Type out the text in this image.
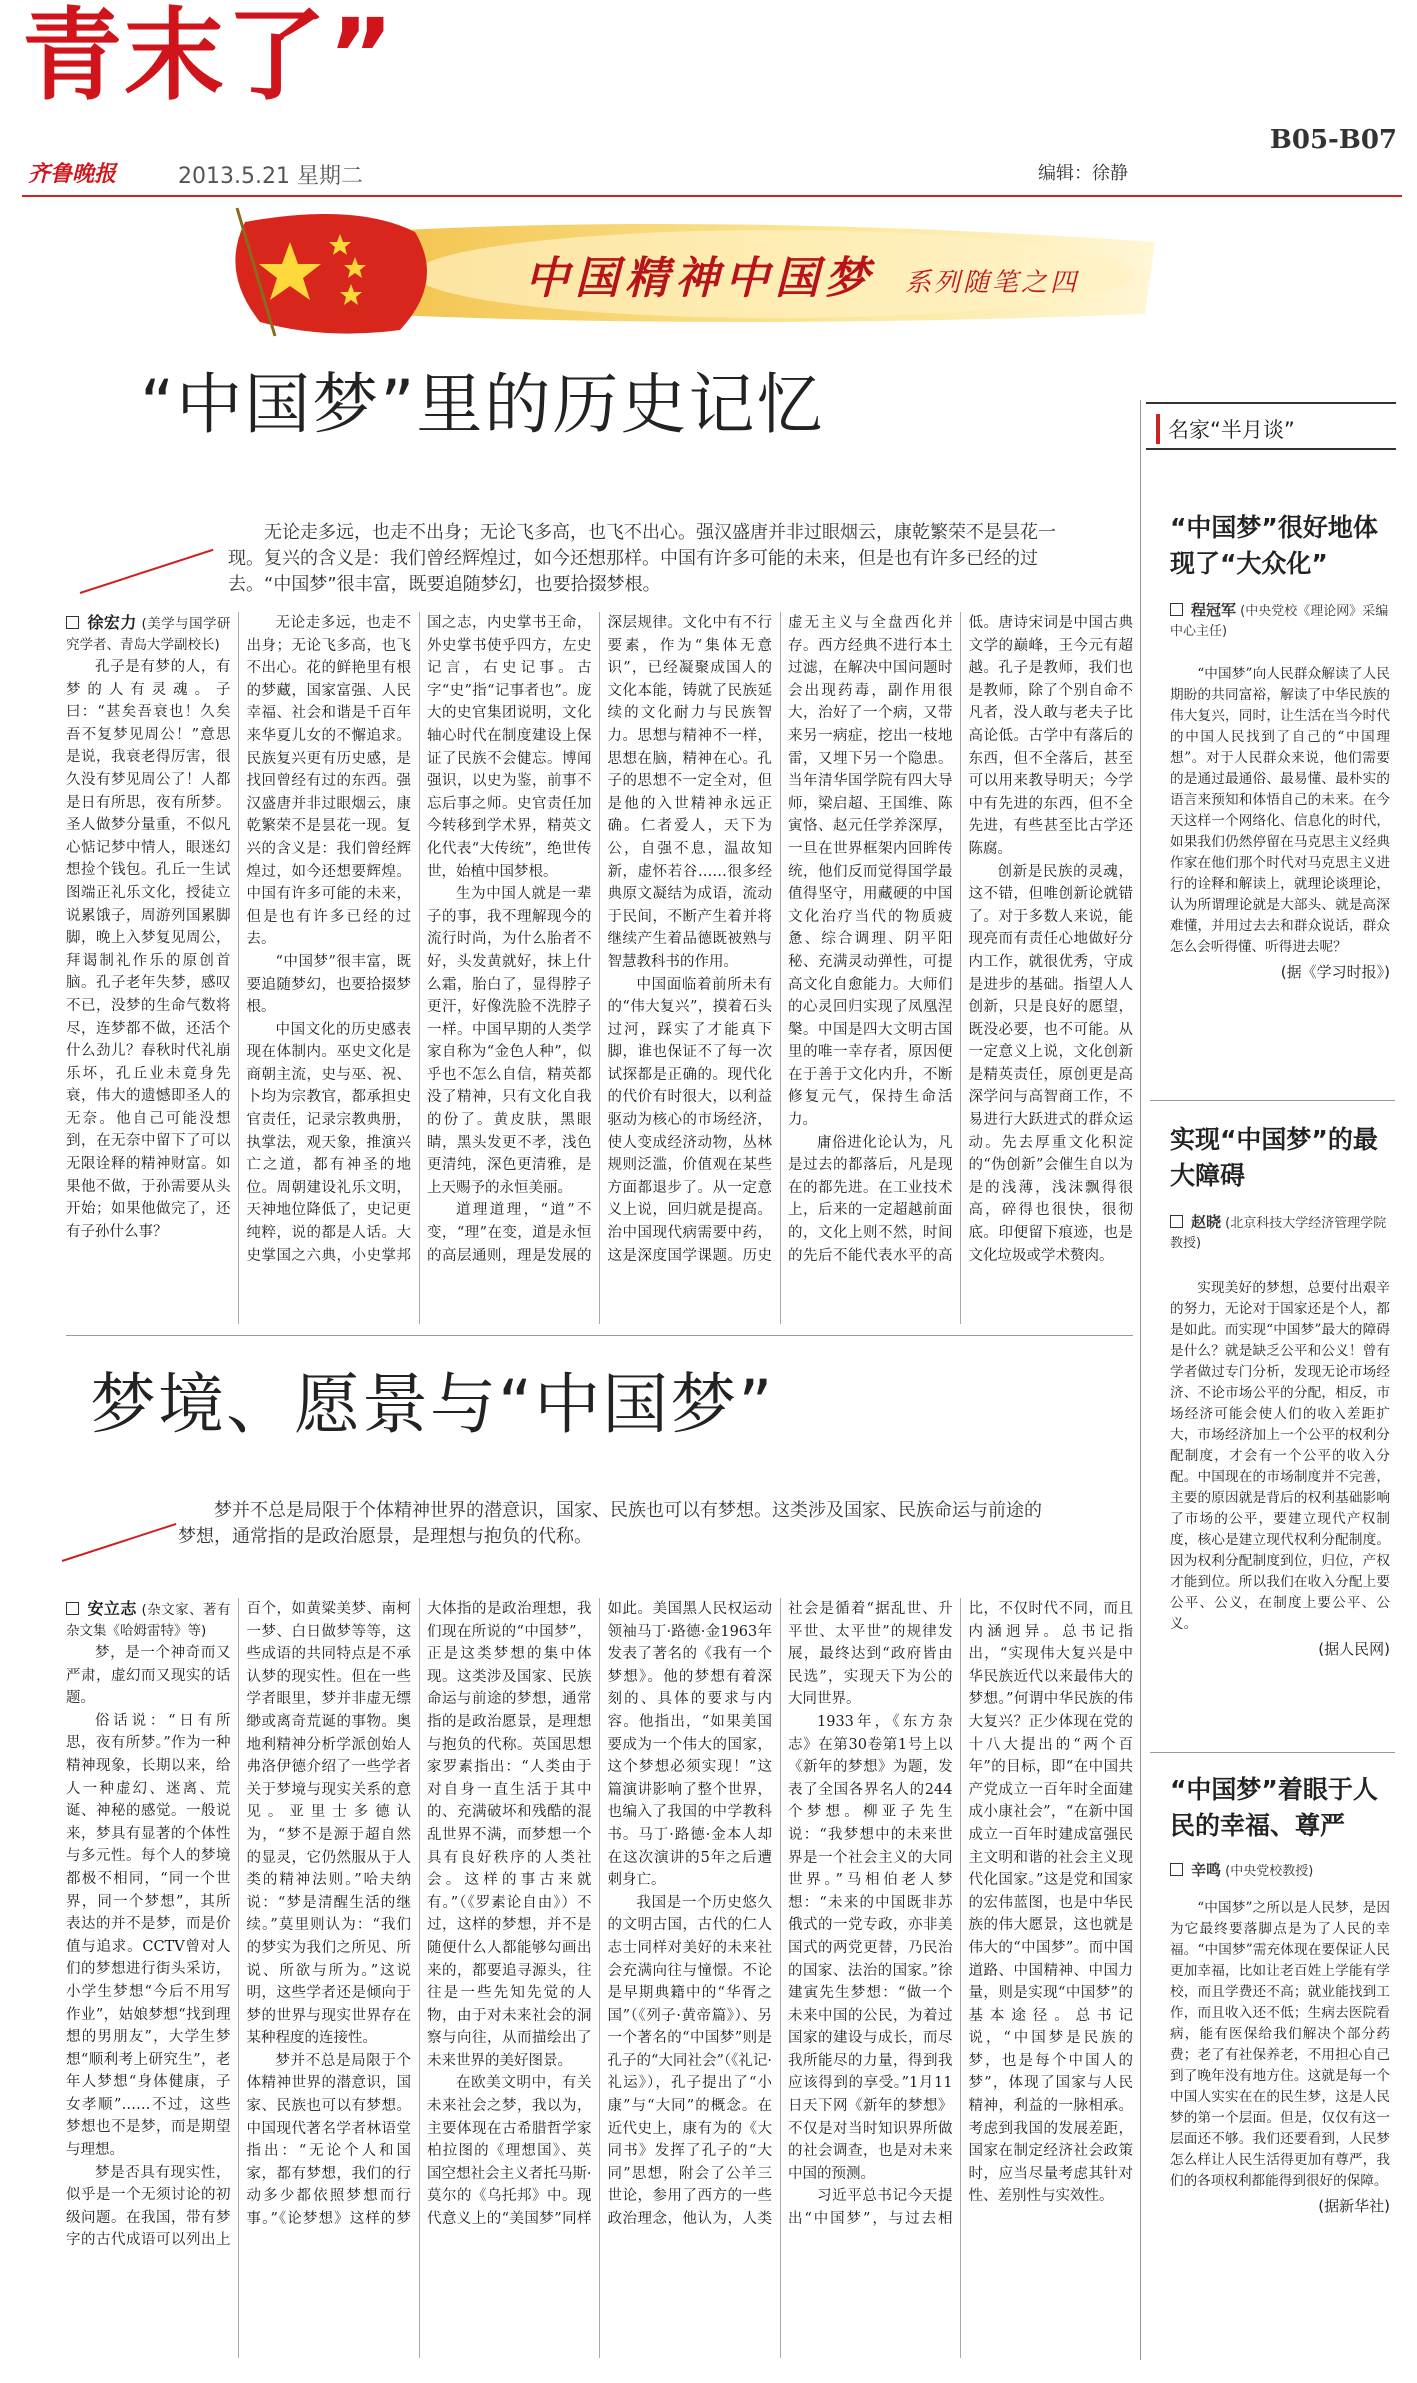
青末了”
B05-B07
齐鲁晚报	2013.5.21 星期二	编辑：徐静
中国精神中国梦 系列随笔之四
“中国梦”里的历史记忆
无论走多远，也走不出身；无论飞多高，也飞不出心。强汉盛唐并非过眼烟云，康乾繁荣不是昙花一现。复兴的含义是：我们曾经辉煌过，如今还想那样。中国有许多可能的未来，但是也有许多已经的过去。“中国梦”很丰富，既要追随梦幻，也要拾掇梦根。
徐宏力 (美学与国学研究学者、青岛大学副校长)

孔子是有梦的人，有梦的人有灵魂。子曰：“甚矣吾衰也！久矣吾不复梦见周公！”意思是说，我衰老得厉害，很久没有梦见周公了！人都是日有所思，夜有所梦。圣人做梦分量重，不似凡心惦记梦中情人，眼迷幻想捡个钱包。孔丘一生试图端正礼乐文化，授徒立说累饿子，周游列国累脚脚，晚上入梦复见周公，拜谒制礼作乐的原创首脑。孔子老年失梦，感叹不已，没梦的生命气数将尽，连梦都不做，还活个什么劲儿？春秋时代礼崩乐坏，孔丘业未竟身先衰，伟大的遗憾即圣人的无奈。他自己可能没想到，在无奈中留下了可以无限诠释的精神财富。如果他不做，于孙需要从头开始；如果他做完了，还有子孙什么事？

无论走多远，也走不出身；无论飞多高，也飞不出心。花的鲜艳里有根的梦藏，国家富强、人民幸福、社会和谐是千百年来华夏儿女的不懈追求。民族复兴更有历史感，是找回曾经有过的东西。强汉盛唐并非过眼烟云，康乾繁荣不是昙花一现。复兴的含义是：我们曾经辉煌过，如今还想要辉煌。中国有许多可能的未来，但是也有许多已经的过去。

“中国梦”很丰富，既要追随梦幻，也要拾掇梦根。

中国文化的历史感表现在体制内。巫史文化是商朝主流，史与巫、祝、卜均为宗教官，都承担史官责任，记录宗教典册，执掌法，观天象，推演兴亡之道，都有神圣的地位。周朝建设礼乐文明，天神地位降低了，史记更纯粹，说的都是人话。大史掌国之六典，小史掌邦国之志，内史掌书王命，外史掌书使乎四方，左史记言，右史记事。古字“史”指“记事者也”。庞大的史官集团说明，文化轴心时代在制度建设上保证了民族不会健忘。博闻强识，以史为鉴，前事不忘后事之师。史官责任加今转移到学术界，精英文化代表“大传统”，绝世传世，始植中国梦根。

生为中国人就是一辈子的事，我不理解现今的流行时尚，为什么胎者不好，头发黄就好，抹上什么霜，胎白了，显得脖子更汗，好像洗脸不洗脖子一样。中国早期的人类学家自称为“金色人种”，似乎也不怎么自信，精英都没了精神，只有文化自我的份了。黄皮肤，黑眼睛，黑头发更不孝，浅色更清纯，深色更清雅，是上天赐予的永恒美丽。

道理道理，“道”不变，“理”在变，道是永恒的高层通则，理是发展的深层规律。文化中有不行要素，作为“集体无意识”，已经凝聚成国人的文化本能，铸就了民族延续的文化耐力与民族智力。思想与精神不一样，思想在脑，精神在心。孔子的思想不一定全对，但是他的入世精神永远正确。仁者爱人，天下为公，自强不息，温故知新，虚怀若谷……很多经典原文凝结为成语，流动于民间，不断产生着并将继续产生着品德既被熟与智慧教科书的作用。

中国面临着前所未有的“伟大复兴”，摸着石头过河，踩实了才能真下脚，谁也保证不了每一次试探都是正确的。现代化的代价有时很大，以利益驱动为核心的市场经济，使人变成经济动物，丛林规则泛滥，价值观在某些方面都退步了。从一定意义上说，回归就是提高。治中国现代病需要中药，这是深度国学课题。历史虚无主义与全盘西化并存。西方经典不进行本土过滤，在解决中国问题时会出现药毒，副作用很大，治好了一个病，又带来另一病症，挖出一枝地雷，又埋下另一个隐患。当年清华国学院有四大导师，梁启超、王国维、陈寅恪、赵元任学养深厚，一旦在世界框架内回眸传统，他们反而觉得国学最值得坚守，用藏硬的中国文化治疗当代的物质疲惫、综合调理、阴平阳秘、充满灵动弹性，可提高文化自愈能力。大师们的心灵回归实现了凤凰涅槃。中国是四大文明古国里的唯一幸存者，原因便在于善于文化内升，不断修复元气，保持生命活力。

庸俗进化论认为，凡是过去的都落后，凡是现在的都先进。在工业技术上，后来的一定超越前面的，文化上则不然，时间的先后不能代表水平的高低。唐诗宋词是中国古典文学的巅峰，王今元有超越。孔子是教师，我们也是教师，除了个别自命不凡者，没人敢与老夫子比高论低。古学中有落后的东西，但不全落后，甚至可以用来教导明天；今学中有先进的东西，但不全先进，有些甚至比古学还陈腐。

创新是民族的灵魂，这不错，但唯创新论就错了。对于多数人来说，能现亮而有责任心地做好分内工作，就很优秀，守成是进步的基础。指望人人创新，只是良好的愿望，既没必要，也不可能。从一定意义上说，文化创新是精英责任，原创更是高深学问与高智商工作，不易进行大跃进式的群众运动。先去厚重文化积淀的“伪创新”会催生自以为是的浅薄，浅沫飘得很高，碎得也很快，很彻底。印便留下痕迹，也是文化垃圾或学术赘肉。

梦境、愿景与“中国梦”
梦并不总是局限于个体精神世界的潜意识，国家、民族也可以有梦想。这类涉及国家、民族命运与前途的梦想，通常指的是政治愿景，是理想与抱负的代称。
安立志 (杂文家、著有杂文集《哈姆雷特》等)

梦，是一个神奇而又严肃，虚幻而又现实的话题。

俗话说：“日有所思，夜有所梦。”作为一种精神现象，长期以来，给人一种虚幻、迷离、荒诞、神秘的感觉。一般说来，梦具有显著的个体性与多元性。每个人的梦境都极不相同，“同一个世界，同一个梦想”，其所表达的并不是梦，而是价值与追求。CCTV曾对人们的梦想进行街头采访，小学生梦想“今后不用写作业”，姑娘梦想“找到理想的男朋友”，大学生梦想“顺利考上研究生”，老年人梦想“身体健康，子女孝顺”……不过，这些梦想也不是梦，而是期望与理想。

梦是否具有现实性，似乎是一个无须讨论的初级问题。在我国，带有梦字的古代成语可以列出上百个，如黄粱美梦、南柯一梦、白日做梦等等，这些成语的共同特点是不承认梦的现实性。但在一些学者眼里，梦并非虚无缥缈或离奇荒诞的事物。奥地利精神分析学派创始人弗洛伊德介绍了一些学者关于梦境与现实关系的意见。亚里士多德认为，“梦不是源于超自然的显灵，它仍然服从于人类的精神法则。”哈夫纳说：“梦是清醒生活的继续。”莫里则认为：“我们的梦实为我们之所见、所说、所欲与所为。”这说明，这些学者还是倾向于梦的世界与现实世界存在某种程度的连接性。

梦并不总是局限于个体精神世界的潜意识，国家、民族也可以有梦想。中国现代著名学者林语堂指出：“无论个人和国家，都有梦想，我们的行动多少都依照梦想而行事。”《论梦想》这样的梦大体指的是政治理想，我们现在所说的“中国梦”，正是这类梦想的集中体现。这类涉及国家、民族命运与前途的梦想，通常指的是政治愿景，是理想与抱负的代称。英国思想家罗素指出：“人类由于对自身一直生活于其中的、充满破坏和残酷的混乱世界不满，而梦想一个具有良好秩序的人类社会。这样的事古来就有。”（《罗素论自由》）不过，这样的梦想，并不是随便什么人都能够勾画出来的，都要追寻源头，往往是一些先知先觉的人物，由于对未来社会的洞察与向往，从而描绘出了未来世界的美好图景。

在欧美文明中，有关未来社会之梦，我以为，主要体现在古希腊哲学家柏拉图的《理想国》、英国空想社会主义者托马斯·莫尔的《乌托邦》中。现代意义上的“美国梦”同样如此。美国黑人民权运动领袖马丁·路德·金1963年发表了著名的《我有一个梦想》。他的梦想有着深刻的、具体的要求与内容。他指出，“如果美国要成为一个伟大的国家，这个梦想必须实现！”这篇演讲影响了整个世界，也编入了我国的中学教科书。马丁·路德·金本人却在这次演讲的5年之后遭刺身亡。

我国是一个历史悠久的文明古国，古代的仁人志士同样对美好的未来社会充满向往与憧憬。不论是早期典籍中的“华胥之国”（《列子·黄帝篇》）、另一个著名的“中国梦”则是孔子的“大同社会”（《礼记·礼运》），孔子提出了“小康”与“大同”的概念。在近代史上，康有为的《大同书》发挥了孔子的“大同”思想，附会了公羊三世论，参用了西方的一些政治理念，他认为，人类社会是循着“据乱世、升平世、太平世”的规律发展，最终达到“政府皆由民选”，实现天下为公的大同世界。

1933年，《东方杂志》在第30卷第1号上以《新年的梦想》为题，发表了全国各界名人的244个梦想。柳亚子先生说：“我梦想中的未来世界是一个社会主义的大同世界。”马相伯老人梦想：“未来的中国既非苏俄式的一党专政，亦非美国式的两党更替，乃民治的国家、法治的国家。”徐建寅先生梦想：“做一个未来中国的公民，为着过国家的建设与成长，而尽我所能尽的力量，得到我应该得到的享受。”1月11日天下网《新年的梦想》不仅是对当时知识界所做的社会调查，也是对未来中国的预测。

习近平总书记今天提出“中国梦”，与过去相比，不仅时代不同，而且内涵迥异。总书记指出，“实现伟大复兴是中华民族近代以来最伟大的梦想。”何谓中华民族的伟大复兴？正少体现在党的十八大提出的“两个百年”的目标，即“在中国共产党成立一百年时全面建成小康社会”，“在新中国成立一百年时建成富强民主文明和谐的社会主义现代化国家。”这是党和国家的宏伟蓝图，也是中华民族的伟大愿景，这也就是伟大的“中国梦”。而中国道路、中国精神、中国力量，则是实现“中国梦”的基本途径。总书记说，“中国梦是民族的梦，也是每个中国人的梦”，体现了国家与人民精神，利益的一脉相承。考虑到我国的发展差距，国家在制定经济社会政策时，应当尽量考虑其针对性、差别性与实效性。

名家“半月谈”
“中国梦”很好地体现了“大众化”
程冠军 (中央党校《理论网》采编中心主任)

“中国梦”向人民群众解读了人民期盼的共同富裕，解读了中华民族的伟大复兴，同时，让生活在当今时代的中国人民找到了自己的“中国理想”。对于人民群众来说，他们需要的是通过最通俗、最易懂、最朴实的语言来预知和体悟自己的未来。在今天这样一个网络化、信息化的时代，如果我们仍然停留在马克思主义经典作家在他们那个时代对马克思主义进行的诠释和解读上，就理论谈理论，认为所谓理论就是大部头、就是高深难懂，并用过去去和群众说话，群众怎么会听得懂、听得进去呢？

(据《学习时报》)
实现“中国梦”的最大障碍
赵晓 (北京科技大学经济管理学院教授)

实现美好的梦想，总要付出艰辛的努力，无论对于国家还是个人，都是如此。而实现“中国梦”最大的障碍是什么？就是缺乏公平和公义！曾有学者做过专门分析，发现无论市场经济、不论市场公平的分配，相反，市场经济可能会使人们的收入差距扩大，市场经济加上一个公平的权利分配制度，才会有一个公平的收入分配。中国现在的市场制度并不完善，主要的原因就是背后的权利基础影响了市场的公平，要建立现代产权制度，核心是建立现代权利分配制度。因为权利分配制度到位，归位，产权才能到位。所以我们在收入分配上要公平、公义，在制度上要公平、公义。

(据人民网)
“中国梦”着眼于人民的幸福、尊严
辛鸣 (中央党校教授)

“中国梦”之所以是人民梦，是因为它最终要落脚点是为了人民的幸福。“中国梦”需充体现在要保证人民更加幸福，比如让老百姓上学能有学校，而且学费还不高；就业能找到工作，而且收入还不低；生病去医院看病，能有医保给我们解决个部分药费；老了有社保养老，不用担心自己到了晚年没有地方住。这就是每一个中国人实实在在的民生梦，这是人民梦的第一个层面。但是，仅仅有这一层面还不够。我们还要看到，人民梦怎么样让人民生活得更加有尊严，我们的各项权利都能得到很好的保障。

(据新华社)
